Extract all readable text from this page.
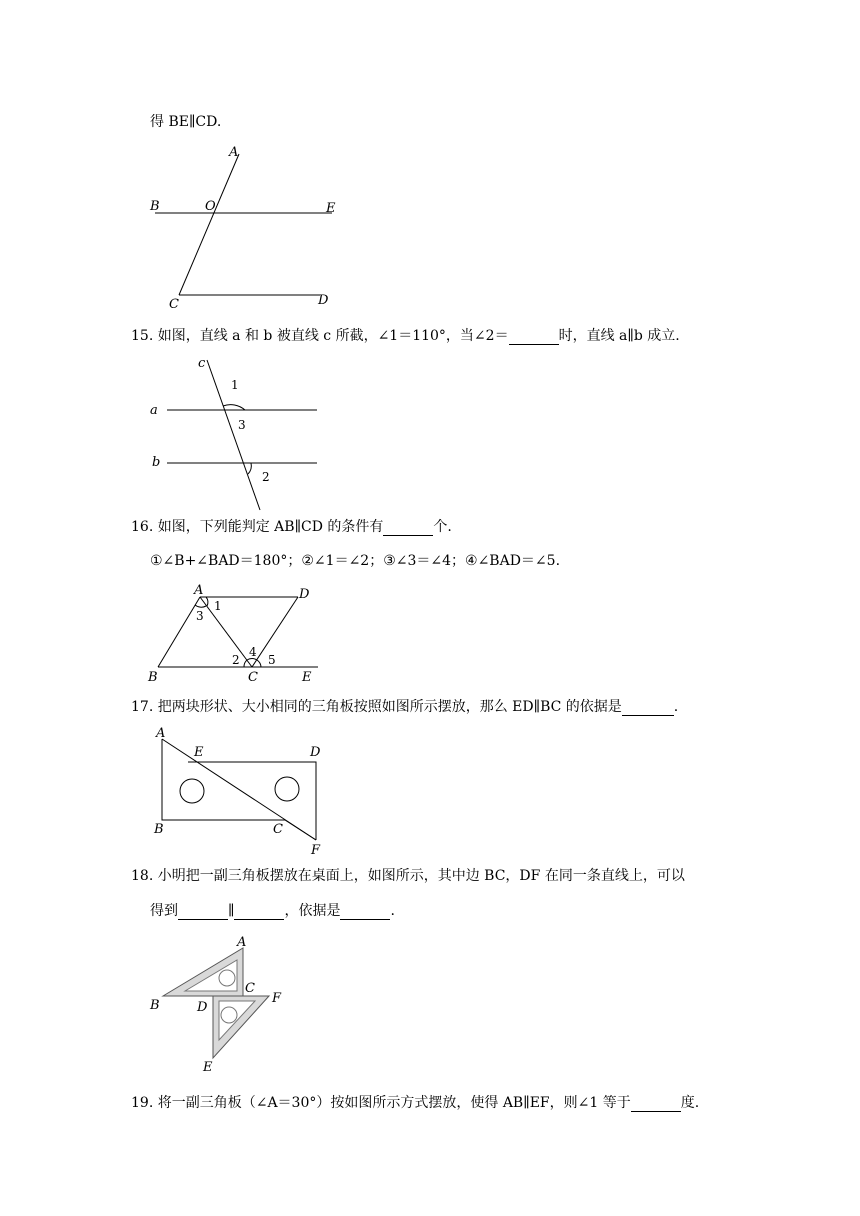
得 BE∥CD.
A
B	O	E
C	D
15. 如图，直线 a 和 b 被直线 c 所截，∠1＝110°，当∠2＝	时，直线 a∥b 成立.
c
1
a
3
b
2
16. 如图，下列能判定 AB∥CD 的条件有	个.
①∠B+∠BAD＝180°；②∠1＝∠2；③∠3＝∠4；④∠BAD＝∠5.
A	D
1
3
B
2
4
5
C	E
17. 把两块形状、大小相同的三角板按照如图所示摆放，那么 ED∥BC 的依据是	.
A
E	D
B	C
F
18. 小明把一副三角板摆放在桌面上，如图所示，其中边 BC，DF 在同一条直线上，可以
得到	∥	，依据是	.
A
B
C
D
F
E
19. 将一副三角板（∠A＝30°）按如图所示方式摆放，使得 AB∥EF，则∠1 等于	度.
